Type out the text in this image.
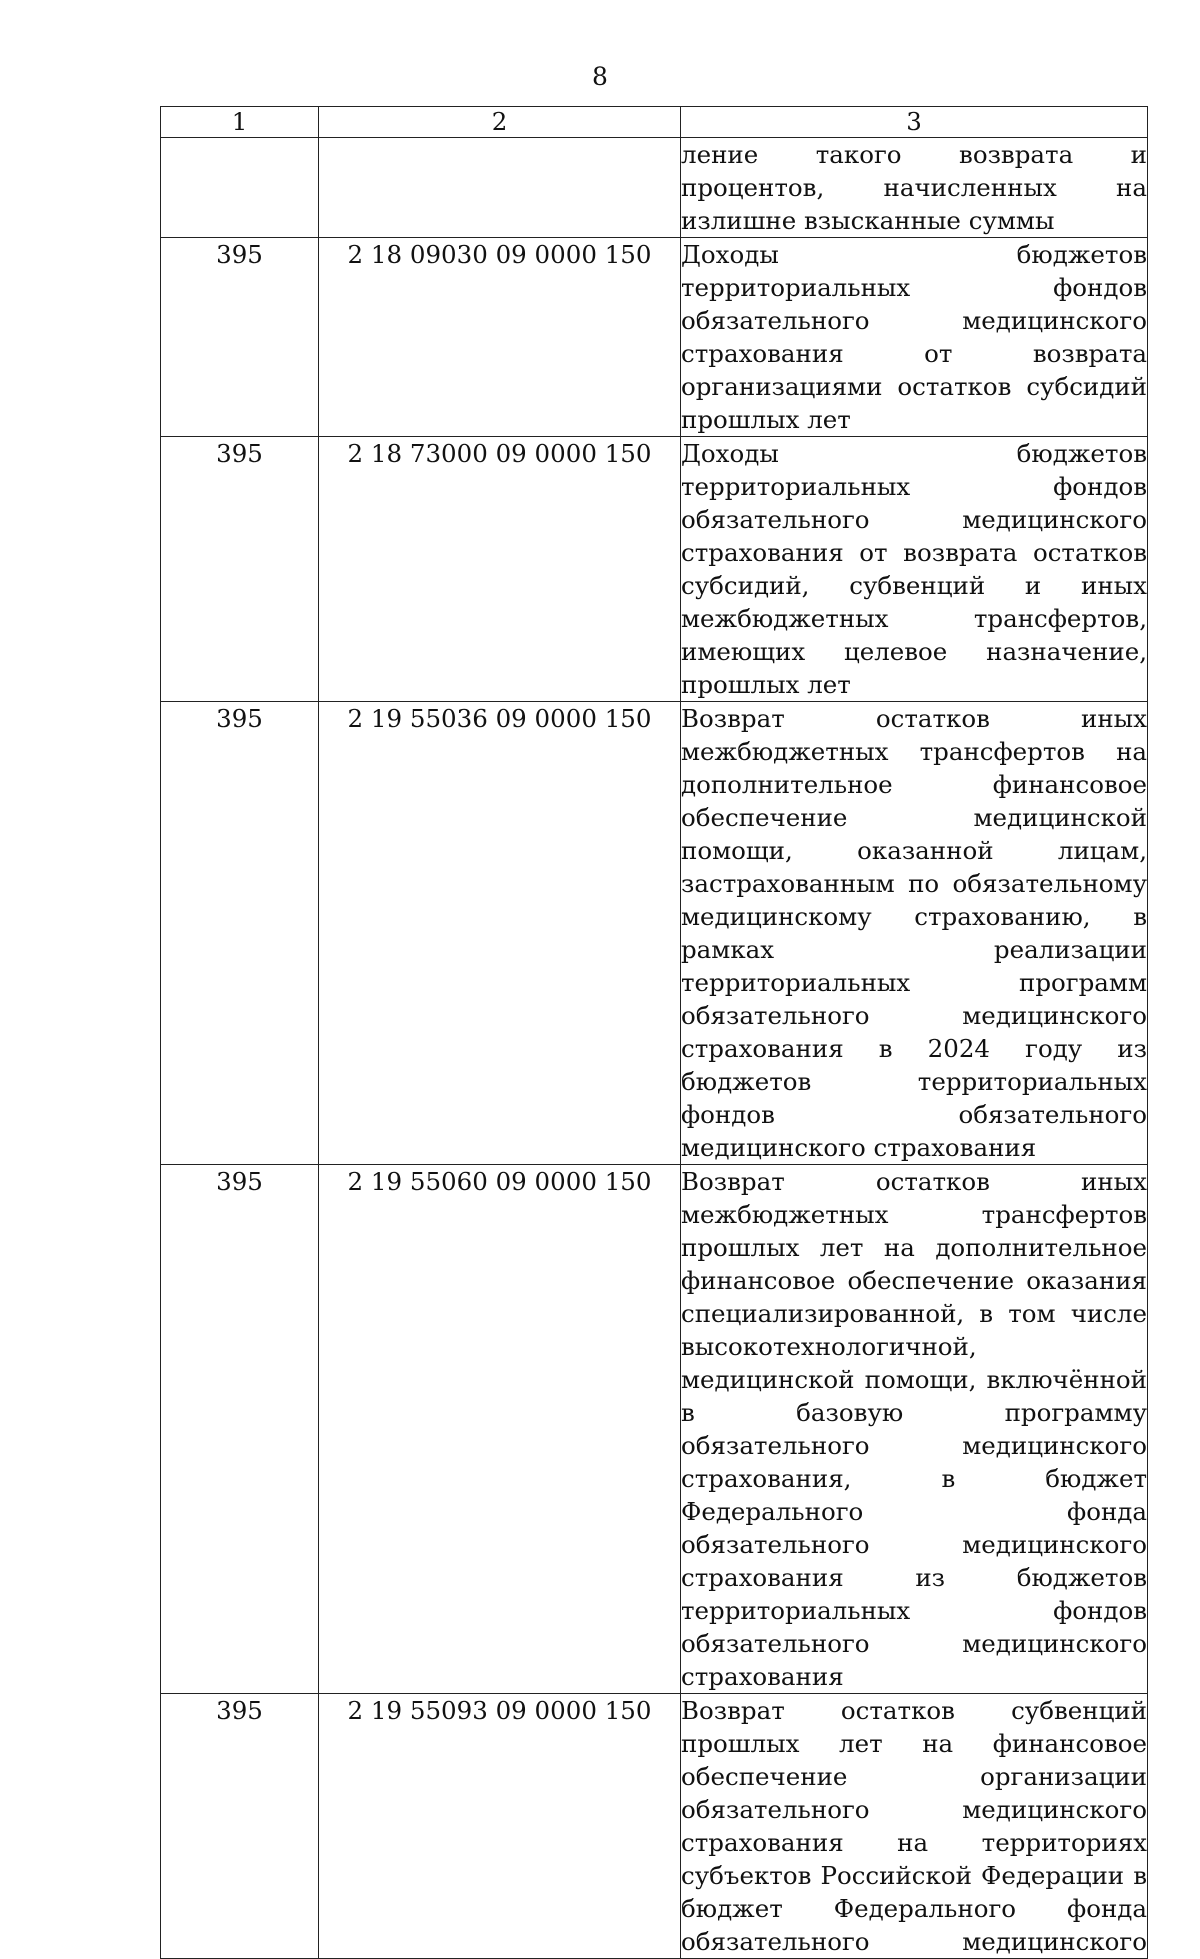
8
1	2	3
		ление такого возврата и процентов, начисленных на излишне взысканные суммы
395	2 18 09030 09 0000 150	Доходы бюджетов территориальных фондов обязательного медицинского страхования от возврата организациями остатков субсидий прошлых лет
395	2 18 73000 09 0000 150	Доходы бюджетов территориальных фондов обязательного медицинского страхования от возврата остатков субсидий, субвенций и иных межбюджетных трансфертов, имеющих целевое назначение, прошлых лет
395	2 19 55036 09 0000 150	Возврат остатков иных межбюджетных трансфертов на дополнительное финансовое обеспечение медицинской помощи, оказанной лицам, застрахованным по обязательному медицинскому страхованию, в рамках реализации территориальных программ обязательного медицинского страхования в 2024 году из бюджетов территориальных фондов обязательного медицинского страхования
395	2 19 55060 09 0000 150	Возврат остатков иных межбюджетных трансфертов прошлых лет на дополнительное финансовое обеспечение оказания специализированной, в том числе высокотехнологичной, медицинской помощи, включённой в базовую программу обязательного медицинского страхования, в бюджет Федерального фонда обязательного медицинского страхования из бюджетов территориальных фондов обязательного медицинского страхования
395	2 19 55093 09 0000 150	Возврат остатков субвенций прошлых лет на финансовое обеспечение организации обязательного медицинского страхования на территориях субъектов Российской Федерации в бюджет Федерального фонда обязательного медицинского
